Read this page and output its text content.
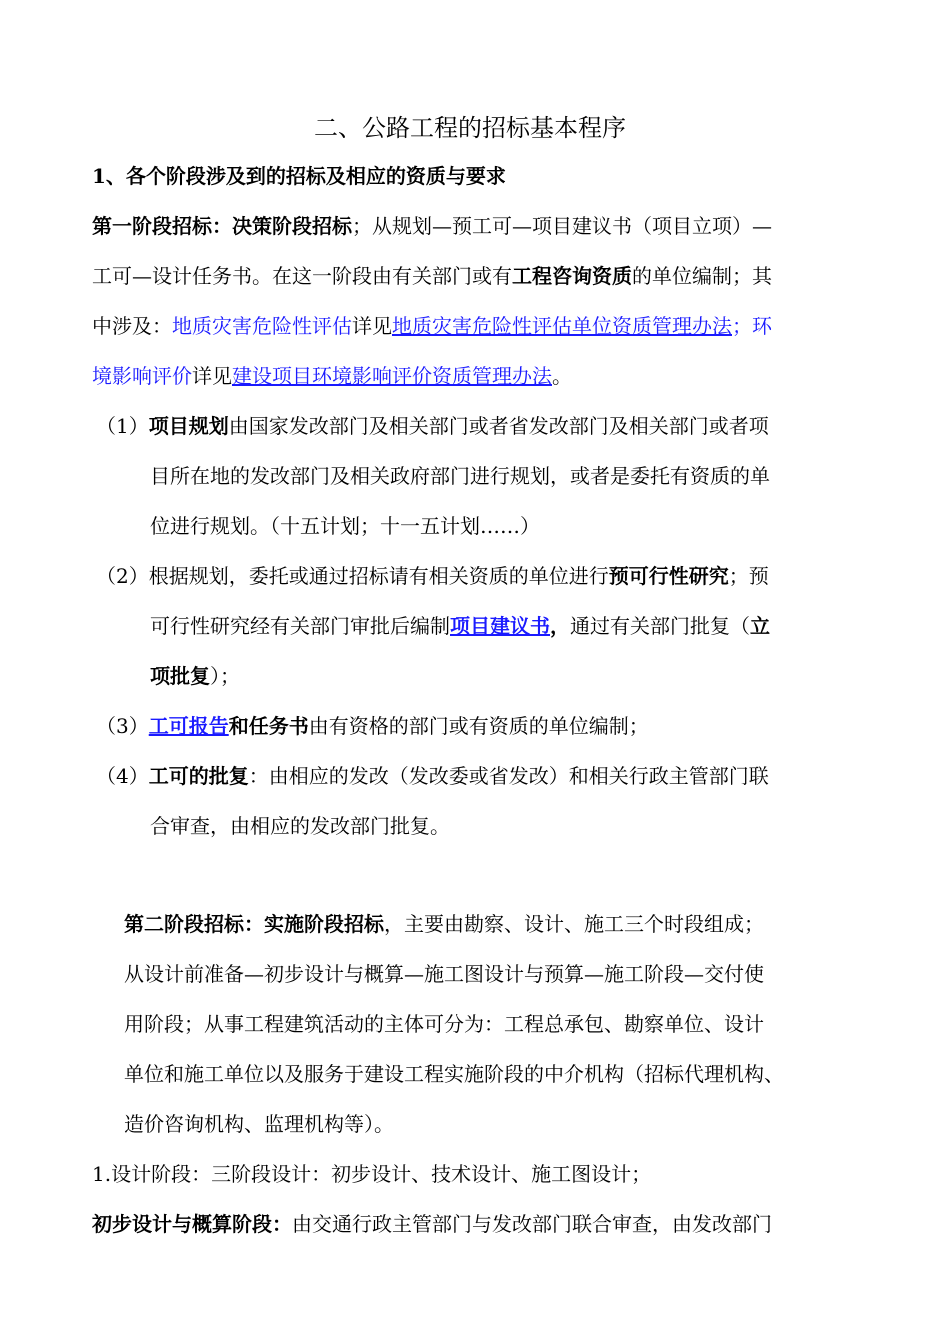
二、公路工程的招标基本程序
1、各个阶段涉及到的招标及相应的资质与要求
第一阶段招标：决策阶段招标；从规划—预工可—项目建议书（项目立项）—
工可—设计任务书。在这一阶段由有关部门或有工程咨询资质的单位编制；其
中涉及：地质灾害危险性评估详见地质灾害危险性评估单位资质管理办法；环
境影响评价详见建设项目环境影响评价资质管理办法。
（1）项目规划由国家发改部门及相关部门或者省发改部门及相关部门或者项
目所在地的发改部门及相关政府部门进行规划，或者是委托有资质的单
位进行规划。（十五计划；十一五计划……）
（2）根据规划，委托或通过招标请有相关资质的单位进行预可行性研究；预
可行性研究经有关部门审批后编制项目建议书，通过有关部门批复（立
项批复）；
（3）工可报告和任务书由有资格的部门或有资质的单位编制；
（4）工可的批复：由相应的发改（发改委或省发改）和相关行政主管部门联
合审查，由相应的发改部门批复。
第二阶段招标：实施阶段招标，主要由勘察、设计、施工三个时段组成；
从设计前准备—初步设计与概算—施工图设计与预算—施工阶段—交付使
用阶段；从事工程建筑活动的主体可分为：工程总承包、勘察单位、设计
单位和施工单位以及服务于建设工程实施阶段的中介机构（招标代理机构、
造价咨询机构、监理机构等）。
1.设计阶段：三阶段设计：初步设计、技术设计、施工图设计；
初步设计与概算阶段：由交通行政主管部门与发改部门联合审查，由发改部门
